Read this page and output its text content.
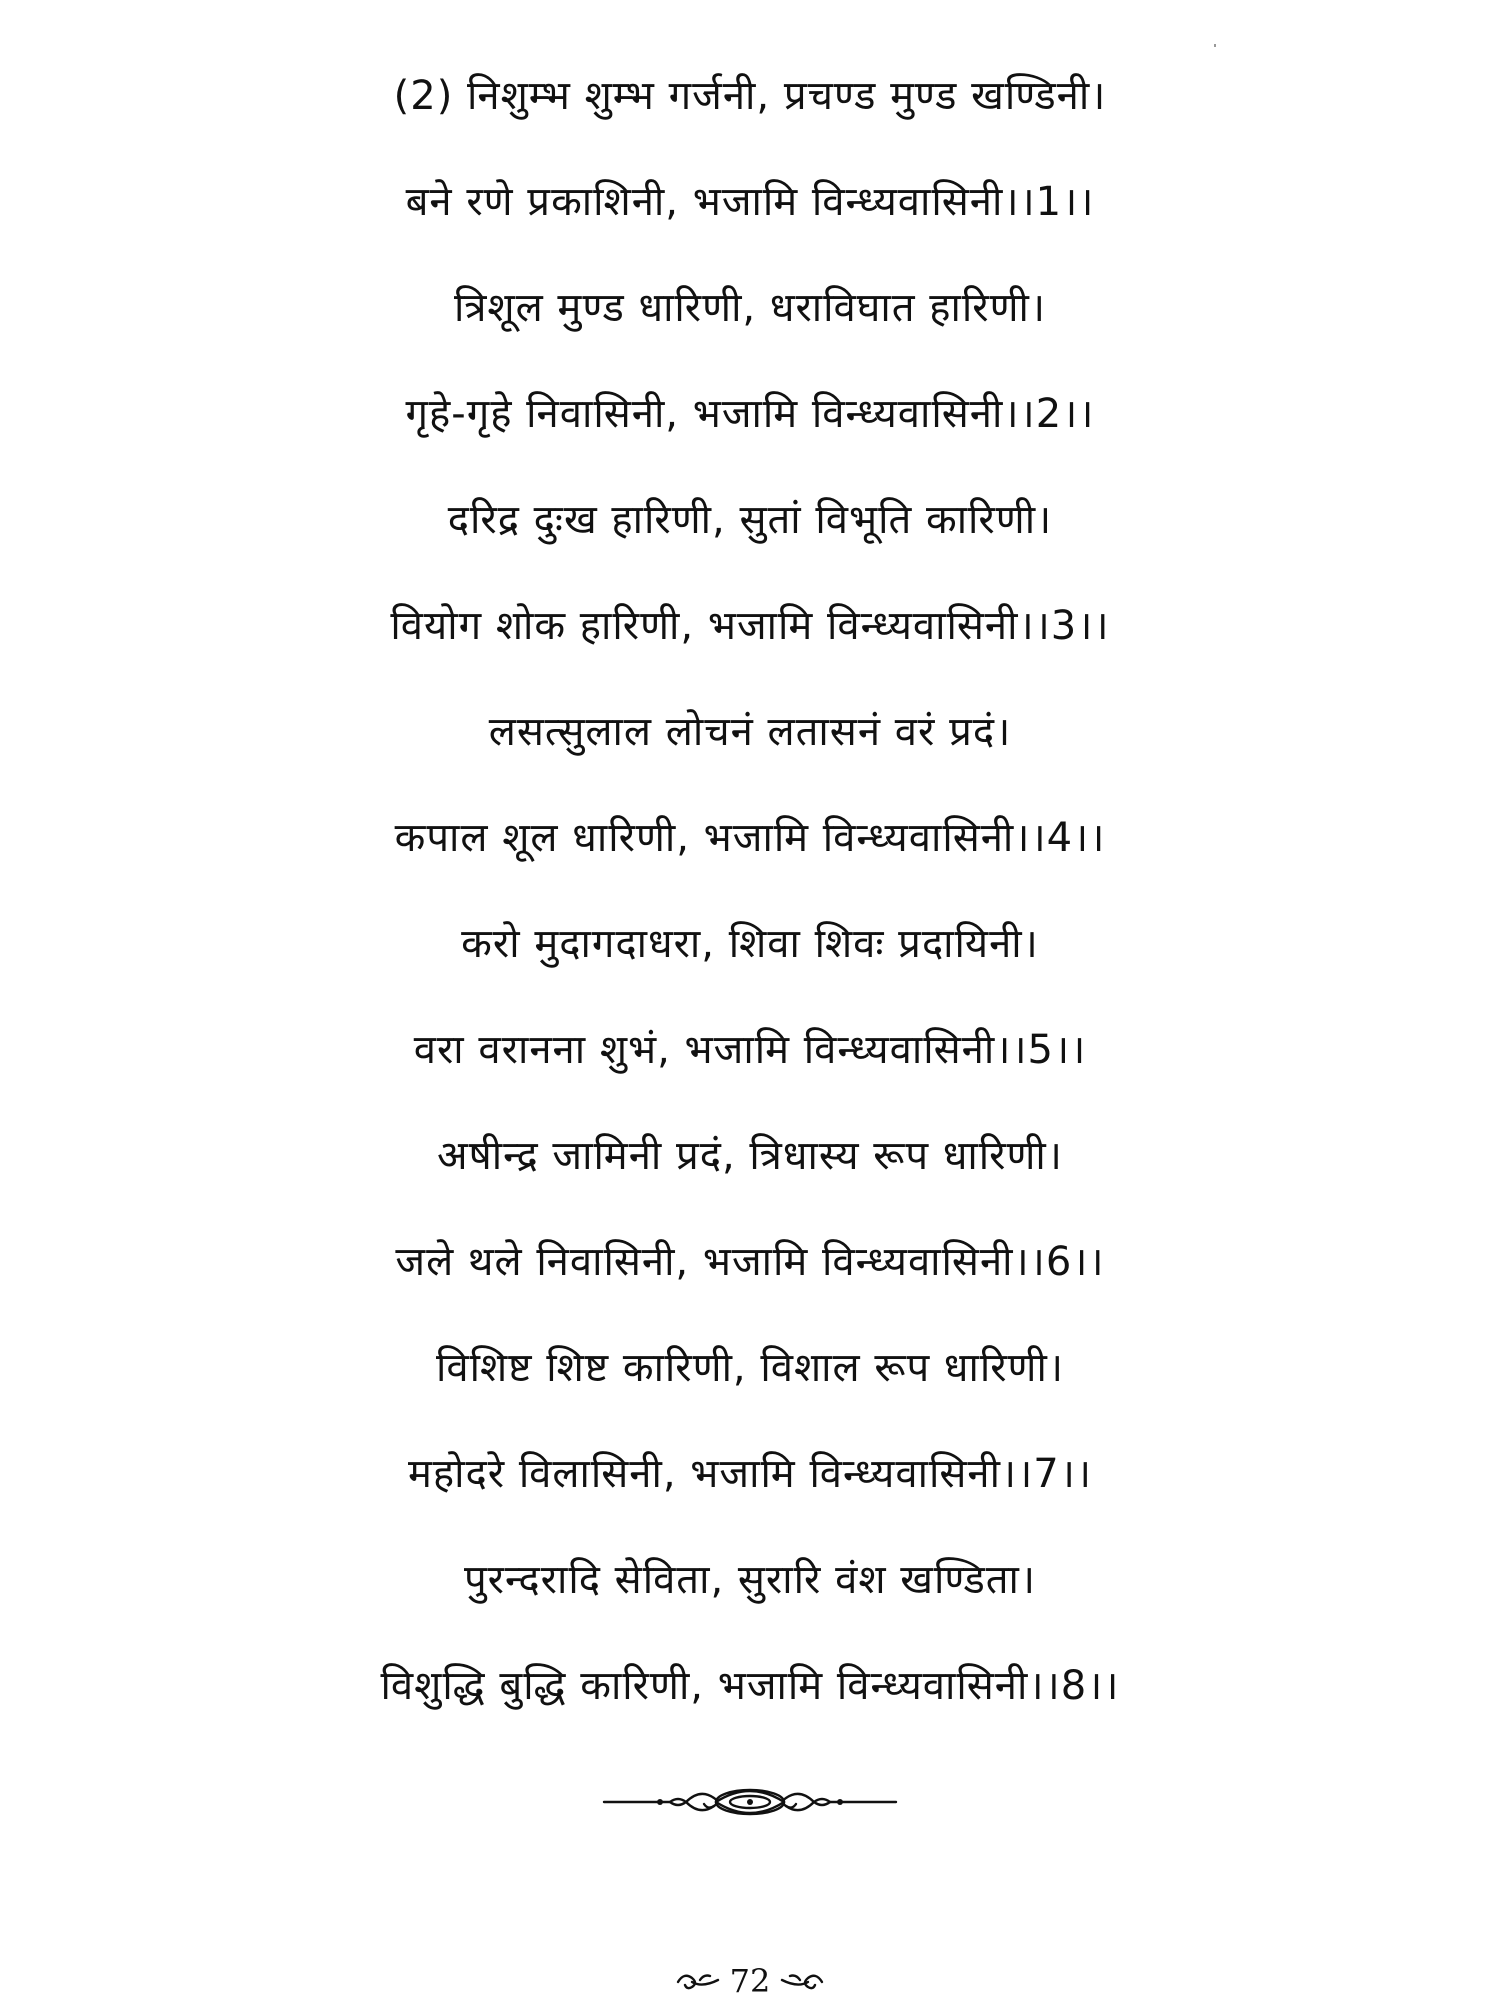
(2) निशुम्भ शुम्भ गर्जनी, प्रचण्ड मुण्ड खण्डिनी।
बने रणे प्रकाशिनी, भजामि विन्ध्यवासिनी।।1।।
त्रिशूल मुण्ड धारिणी, धराविघात हारिणी।
गृहे-गृहे निवासिनी, भजामि विन्ध्यवासिनी।।2।।
दरिद्र दुःख हारिणी, सुतां विभूति कारिणी।
वियोग शोक हारिणी, भजामि विन्ध्यवासिनी।।3।।
लसत्सुलाल लोचनं लतासनं वरं प्रदं।
कपाल शूल धारिणी, भजामि विन्ध्यवासिनी।।4।।
करो मुदागदाधरा, शिवा शिवः प्रदायिनी।
वरा वरानना शुभं, भजामि विन्ध्यवासिनी।।5।।
अषीन्द्र जामिनी प्रदं, त्रिधास्य रूप धारिणी।
जले थले निवासिनी, भजामि विन्ध्यवासिनी।।6।।
विशिष्ट शिष्ट कारिणी, विशाल रूप धारिणी।
महोदरे विलासिनी, भजामि विन्ध्यवासिनी।।7।।
पुरन्दरादि सेविता, सुरारि वंश खण्डिता।
विशुद्धि बुद्धि कारिणी, भजामि विन्ध्यवासिनी।।8।।
72
